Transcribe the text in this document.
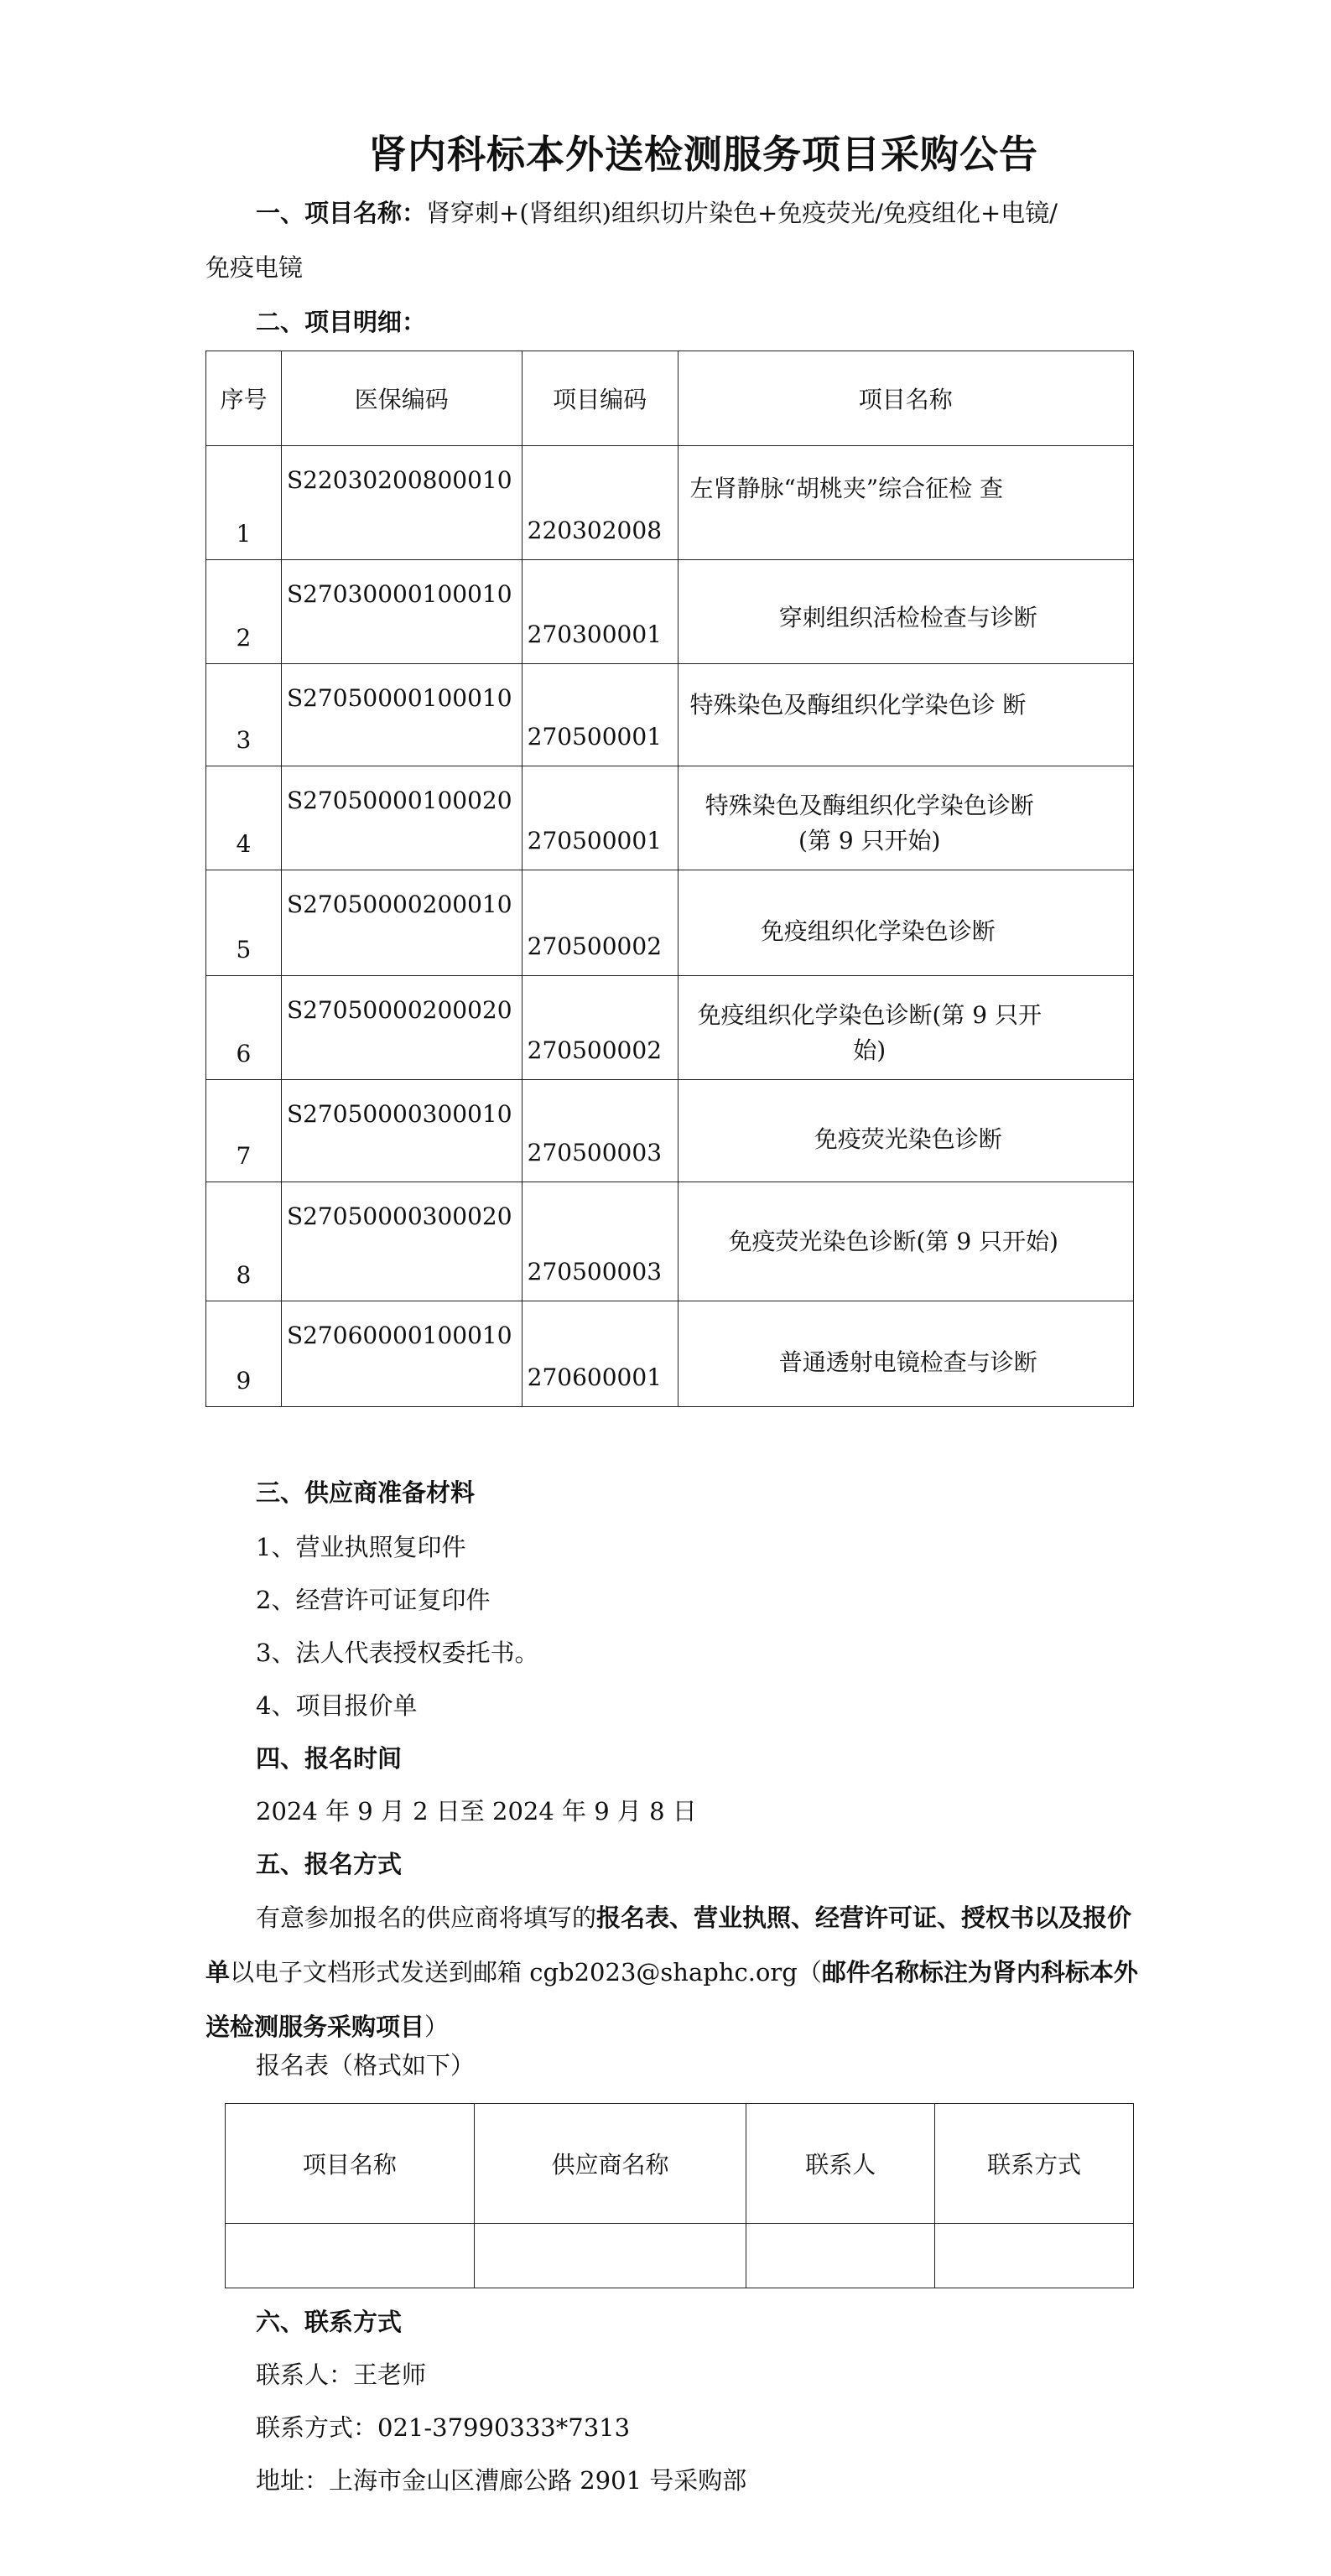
肾内科标本外送检测服务项目采购公告
一、项目名称：肾穿刺+(肾组织)组织切片染色+免疫荧光/免疫组化+电镜/
免疫电镜
二、项目明细：
序号	医保编码	项目编码	项目名称

1	S22030200800010	220302008	左肾静脉“胡桃夹”综合征检 查

2	S27030000100010	270300001	穿刺组织活检检查与诊断

3	S27050000100010	270500001	特殊染色及酶组织化学染色诊 断

4	S27050000100020	270500001	特殊染色及酶组织化学染色诊断(第 9 只开始)

5	S27050000200010	270500002	免疫组织化学染色诊断

6	S27050000200020	270500002	免疫组织化学染色诊断(第 9 只开始)

7	S27050000300010	270500003	免疫荧光染色诊断

8	S27050000300020	270500003	免疫荧光染色诊断(第 9 只开始)

9	S27060000100010	270600001	普通透射电镜检查与诊断
三、供应商准备材料
1、营业执照复印件
2、经营许可证复印件
3、法人代表授权委托书。
4、项目报价单
四、报名时间
2024 年 9 月 2 日至 2024 年 9 月 8 日
五、报名方式
有意参加报名的供应商将填写的报名表、营业执照、经营许可证、授权书以及报价单以电子文档形式发送到邮箱 cgb2023@shaphc.org（邮件名称标注为肾内科标本外送检测服务采购项目）
报名表（格式如下）
项目名称	供应商名称	联系人	联系方式

六、联系方式
联系人：王老师
联系方式：021-37990333*7313
地址：上海市金山区漕廊公路 2901 号采购部
